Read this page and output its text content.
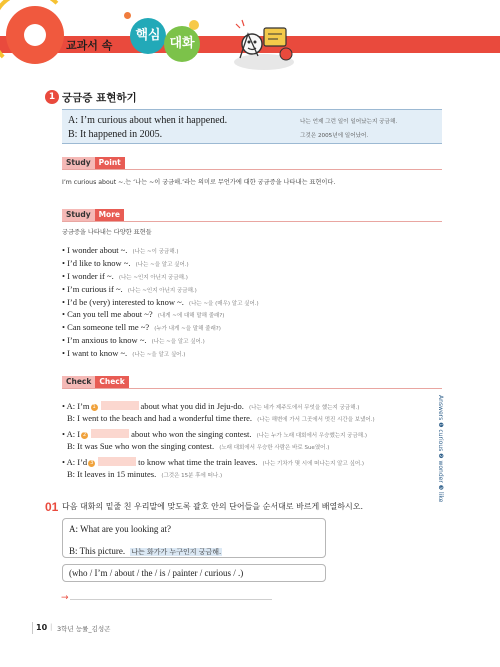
교과서 속
핵심
대화
1 궁금증 표현하기
A: I’m curious about when it happened.	나는 언제 그런 일이 일어났는지 궁금해.
B: It happened in 2005.	그것은 2005년에 일어났어.
Study	Point
I’m curious about ~.는 ‘나는 ~이 궁금해.’라는 의미로 무언가에 대한 궁금증을 나타내는 표현이다.
Study	More
궁금증을 나타내는 다양한 표현들
• I wonder about ~. (나는 ~이 궁금해.)
• I’d like to know ~. (나는 ~을 알고 싶어.)
• I wonder if ~. (나는 ~인지 아닌지 궁금해.)
• I’m curious if ~. (나는 ~인지 아닌지 궁금해.)
• I’d be (very) interested to know ~. (나는 ~을 (매우) 알고 싶어.)
• Can you tell me about ~? (내게 ~에 대해 말해 줄래?)
• Can someone tell me ~? (누가 내게 ~을 말해 줄래?)
• I’m anxious to know ~. (나는 ~을 알고 싶어.)
• I want to know ~. (나는 ~을 알고 싶어.)
Check	Check
• A: I’m 1	about what you did in Jeju-do. (나는 네가 제주도에서 무엇을 했는지 궁금해.)
B: I went to the beach and had a wonderful time there. (나는 해변에 가서 그곳에서 멋진 시간을 보냈어.)
• A: I 2	about who won the singing contest. (나는 누가 노래 대회에서 우승했는지 궁금해.)
B: It was Sue who won the singing contest. (노래 대회에서 우승한 사람은 바로 Sue였어.)
• A: I’d 3	to know what time the train leaves. (나는 기차가 몇 시에 떠나는지 알고 싶어.)
B: It leaves in 15 minutes. (그것은 15분 후에 떠나.)	Answers ❶ curious ❷ wonder ❸ like
01 다음 대화의 밑줄 친 우리말에 맞도록 괄호 안의 단어들을 순서대로 바르게 배열하시오.
A: What are you looking at?
B: This picture. 나는 화가가 누구인지 궁금해.
(who / I’m / about / the / is / painter / curious / .)
→
10 | 3학년 능률_김성곤
